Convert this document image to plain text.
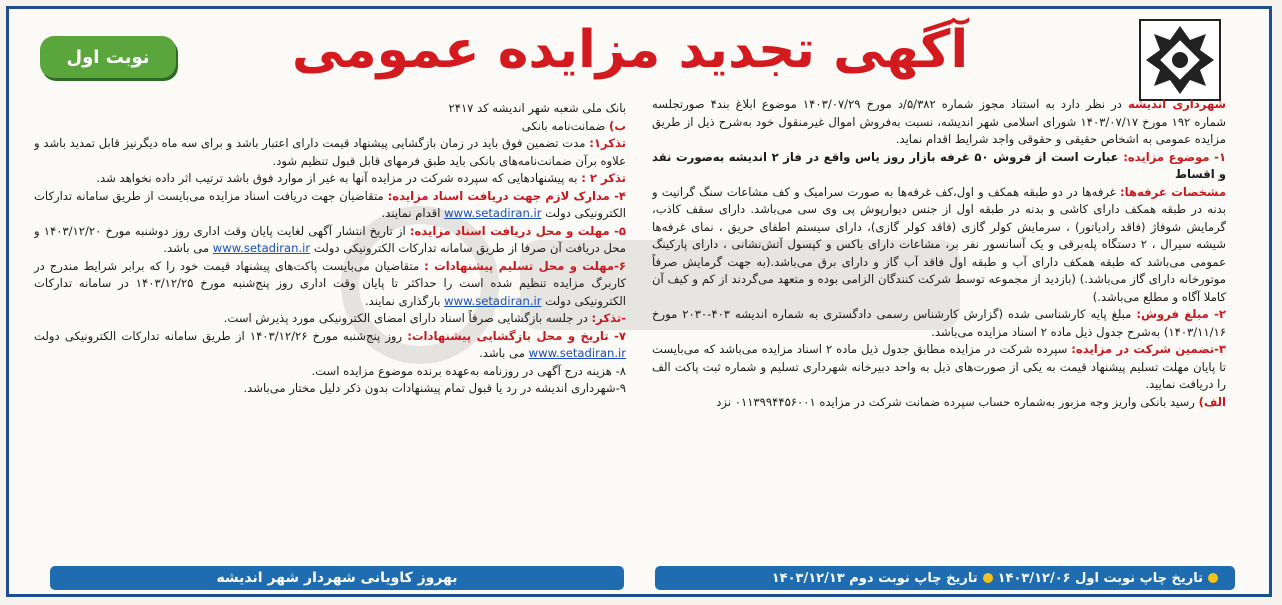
آگهی تجدید مزایده عمومی
نوبت اول

شهرداری اندیشه در نظر دارد به استناد مجوز شماره ۵/۳۸۲/د مورخ ۱۴۰۳/۰۷/۲۹ موضوع ابلاغ بند۴ صورتجلسه شماره ۱۹۲ مورخ ۱۴۰۳/۰۷/۱۷ شورای اسلامی شهر اندیشه، نسبت به‌فروش اموال غیرمنقول خود به‌شرح ذیل از طریق مزایده عمومی به اشخاص حقیقی و حقوقی واجد شرایط اقدام نماید.

۱- موضوع مزایده: عبارت است از فروش ۵۰ غرفه بازار روز یاس واقع در فاز ۲ اندیشه به‌صورت نقد و اقساط

مشخصات غرفه‌ها: غرفه‌ها در دو طبقه همکف و اول،کف غرفه‌ها به صورت سرامیک و کف مشاعات سنگ گرانیت و بدنه در طبقه همکف دارای کاشی و بدنه در طبقه اول از جنس دیوارپوش پی وی سی می‌باشد. دارای سقف کاذب، گرمایش شوفاژ (فاقد رادیاتور) ، سرمایش کولر گازی (فاقد کولر گازی)، دارای سیستم اطفای حریق ، نمای غرفه‌ها شیشه سیرال ، ۲ دستگاه پله‌برقی و یک آسانسور نفر بر، مشاعات دارای باکس و کپسول آتش‌نشانی ، دارای پارکینگ عمومی می‌باشد که طبقه همکف دارای آب و طبقه اول فاقد آب گاز و دارای برق می‌باشد.(به جهت گرمایش صرفاً موتورخانه دارای گاز می‌باشد.) (بازدید از مجموعه توسط شرکت کنندگان الزامی بوده و متعهد می‌گردند از کم و کیف آن کاملا آگاه و مطلع می‌باشد.)

۲- مبلغ فروش: مبلغ پایه کارشناسی شده (گزارش کارشناس رسمی دادگستری به شماره اندیشه ۴۰۳-۲۰۳۰ مورخ ۱۴۰۳/۱۱/۱۶) به‌شرح جدول ذیل ماده ۲ اسناد مزایده می‌باشد.

۳-تضمین شرکت در مزایده: سپرده شرکت در مزایده مطابق جدول ذیل ماده ۲ اسناد مزایده می‌باشد که می‌بایست تا پایان مهلت تسلیم پیشنهاد قیمت به یکی از صورت‌های ذیل به واحد دبیرخانه شهرداری تسلیم و شماره ثبت پاکت الف را دریافت نمایید.

الف) رسید بانکی واریز وجه مزبور به‌شماره حساب سپرده ضمانت شرکت در مزایده ۰۱۱۳۹۹۴۴۵۶۰۰۱ نزد

بانک ملی شعبه شهر اندیشه کد ۲۴۱۷

ب) ضمانت‌نامه بانکی

تذکر۱: مدت تضمین فوق باید در زمان بازگشایی پیشنهاد قیمت دارای اعتبار باشد و برای سه ماه دیگرنیز قابل تمدید باشد و علاوه برآن ضمانت‌نامه‌های بانکی باید طبق فرمهای قابل قبول تنظیم شود.

تذکر ۲ : به پیشنهادهایی که سپرده شرکت در مزایده آنها به غیر از موارد فوق باشد ترتیب اثر داده نخواهد شد.

۴- مدارک لازم جهت دریافت اسناد مزایده: متقاضیان جهت دریافت اسناد مزایده می‌بایست از طریق سامانه تدارکات الکترونیکی دولت www.setadiran.ir اقدام نمایند.

۵- مهلت و محل دریافت اسناد مزایده: از تاریخ انتشار آگهی لغایت پایان وقت اداری روز دوشنبه مورخ ۱۴۰۳/۱۲/۲۰ و محل دریافت آن صرفا از طریق سامانه تدارکات الکترونیکی دولت www.setadiran.ir می باشد.

۶-مهلت و محل تسلیم پیشنهادات : متقاضیان می‌بایست پاکت‌های پیشنهاد قیمت خود را که برابر شرایط مندرج در کاربرگ مزایده تنظیم شده است را حداکثر تا پایان وقت اداری روز پنج‌شنبه مورخ ۱۴۰۳/۱۲/۲۵ در سامانه تدارکات الکترونیکی دولت www.setadiran.ir بارگذاری نمایند.

-تذکر: در جلسه بازگشایی صرفاً اسناد دارای امضای الکترونیکی مورد پذیرش است.

۷- تاریخ و محل بازگشایی پیشنهادات: روز پنج‌شنبه مورخ ۱۴۰۳/۱۲/۲۶ از طریق سامانه تدارکات الکترونیکی دولت www.setadiran.ir می باشد.

۸- هزینه درج آگهی در روزنامه به‌عهده برنده موضوع مزایده است.

۹-شهرداری اندیشه در رد یا قبول تمام پیشنهادات بدون ذکر دلیل مختار می‌باشد.

تاریخ چاپ نوبت اول ۱۴۰۳/۱۲/۰۶
تاریخ چاپ نوبت دوم ۱۴۰۳/۱۲/۱۳
بهروز کاویانی شهردار شهر اندیشه
